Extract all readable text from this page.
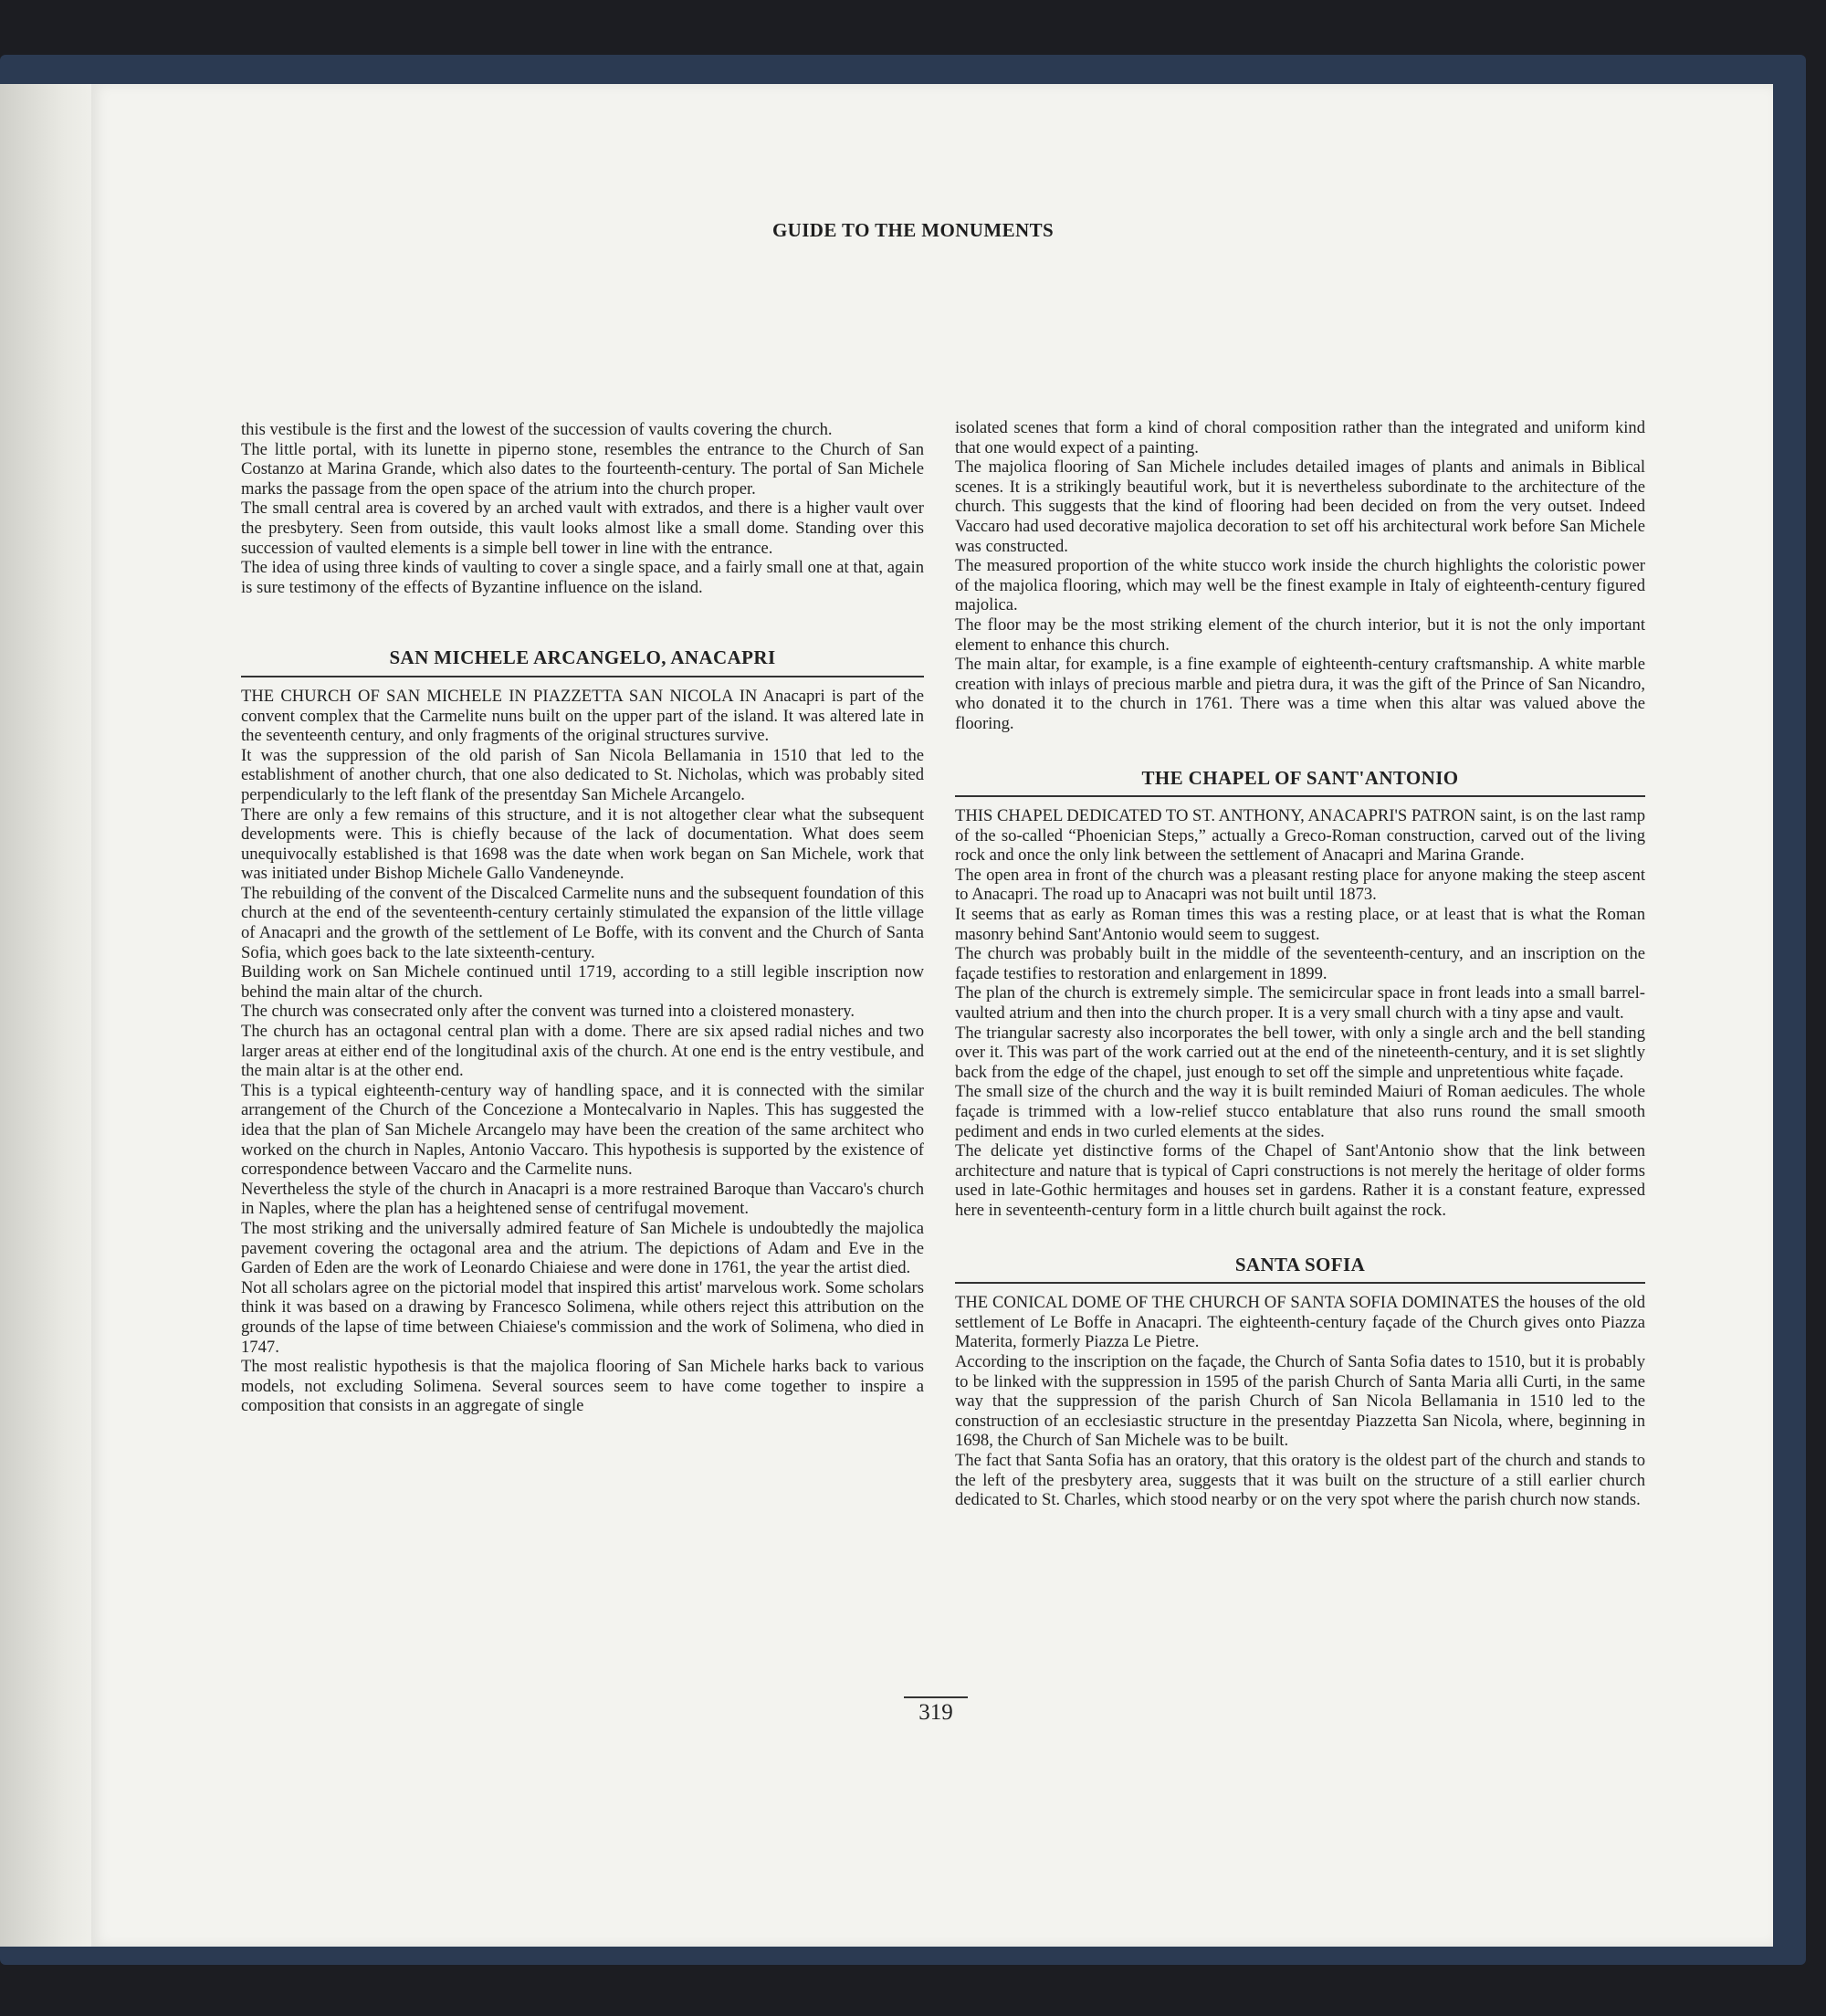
GUIDE TO THE MONUMENTS

this vestibule is the first and the lowest of the succession of vaults covering the church.

The little portal, with its lunette in piperno stone, resembles the entrance to the Church of San Costanzo at Marina Grande, which also dates to the fourteenth-century. The portal of San Michele marks the passage from the open space of the atrium into the church proper.

The small central area is covered by an arched vault with extrados, and there is a higher vault over the presbytery. Seen from outside, this vault looks almost like a small dome. Standing over this succession of vaulted elements is a simple bell tower in line with the entrance.

The idea of using three kinds of vaulting to cover a single space, and a fairly small one at that, again is sure testimony of the effects of Byzantine influence on the island.

SAN MICHELE ARCANGELO, ANACAPRI

THE CHURCH OF SAN MICHELE IN PIAZZETTA SAN NICOLA IN Anacapri is part of the convent complex that the Carmelite nuns built on the upper part of the island. It was altered late in the seventeenth century, and only fragments of the original structures survive.

It was the suppression of the old parish of San Nicola Bellamania in 1510 that led to the establishment of another church, that one also dedicated to St. Nicholas, which was probably sited perpendicularly to the left flank of the presentday San Michele Arcangelo.

There are only a few remains of this structure, and it is not altogether clear what the subsequent developments were. This is chiefly because of the lack of documentation. What does seem unequivocally established is that 1698 was the date when work began on San Michele, work that was initiated under Bishop Michele Gallo Vandeneynde.

The rebuilding of the convent of the Discalced Carmelite nuns and the subsequent foundation of this church at the end of the seventeenth-century certainly stimulated the expansion of the little village of Anacapri and the growth of the settlement of Le Boffe, with its convent and the Church of Santa Sofia, which goes back to the late sixteenth-century.

Building work on San Michele continued until 1719, according to a still legible inscription now behind the main altar of the church.

The church was consecrated only after the convent was turned into a cloistered monastery.

The church has an octagonal central plan with a dome. There are six apsed radial niches and two larger areas at either end of the longitudinal axis of the church. At one end is the entry vestibule, and the main altar is at the other end.

This is a typical eighteenth-century way of handling space, and it is connected with the similar arrangement of the Church of the Concezione a Montecalvario in Naples. This has suggested the idea that the plan of San Michele Arcangelo may have been the creation of the same architect who worked on the church in Naples, Antonio Vaccaro. This hypothesis is supported by the existence of correspondence between Vaccaro and the Carmelite nuns.

Nevertheless the style of the church in Anacapri is a more restrained Baroque than Vaccaro's church in Naples, where the plan has a heightened sense of centrifugal movement.

The most striking and the universally admired feature of San Michele is undoubtedly the majolica pavement covering the octagonal area and the atrium. The depictions of Adam and Eve in the Garden of Eden are the work of Leonardo Chiaiese and were done in 1761, the year the artist died.

Not all scholars agree on the pictorial model that inspired this artist' marvelous work. Some scholars think it was based on a drawing by Francesco Solimena, while others reject this attribution on the grounds of the lapse of time between Chiaiese's commission and the work of Solimena, who died in 1747.

The most realistic hypothesis is that the majolica flooring of San Michele harks back to various models, not excluding Solimena. Several sources seem to have come together to inspire a composition that consists in an aggregate of single

isolated scenes that form a kind of choral composition rather than the integrated and uniform kind that one would expect of a painting.

The majolica flooring of San Michele includes detailed images of plants and animals in Biblical scenes. It is a strikingly beautiful work, but it is nevertheless subordinate to the architecture of the church. This suggests that the kind of flooring had been decided on from the very outset. Indeed Vaccaro had used decorative majolica decoration to set off his architectural work before San Michele was constructed.

The measured proportion of the white stucco work inside the church highlights the coloristic power of the majolica flooring, which may well be the finest example in Italy of eighteenth-century figured majolica.

The floor may be the most striking element of the church interior, but it is not the only important element to enhance this church.

The main altar, for example, is a fine example of eighteenth-century craftsmanship. A white marble creation with inlays of precious marble and pietra dura, it was the gift of the Prince of San Nicandro, who donated it to the church in 1761. There was a time when this altar was valued above the flooring.

THE CHAPEL OF SANT'ANTONIO

THIS CHAPEL DEDICATED TO ST. ANTHONY, ANACAPRI'S PATRON saint, is on the last ramp of the so-called “Phoenician Steps,” actually a Greco-Roman construction, carved out of the living rock and once the only link between the settlement of Anacapri and Marina Grande.

The open area in front of the church was a pleasant resting place for anyone making the steep ascent to Anacapri. The road up to Anacapri was not built until 1873.

It seems that as early as Roman times this was a resting place, or at least that is what the Roman masonry behind Sant'Antonio would seem to suggest.

The church was probably built in the middle of the seventeenth-century, and an inscription on the façade testifies to restoration and enlargement in 1899.

The plan of the church is extremely simple. The semicircular space in front leads into a small barrel-vaulted atrium and then into the church proper. It is a very small church with a tiny apse and vault.

The triangular sacresty also incorporates the bell tower, with only a single arch and the bell standing over it. This was part of the work carried out at the end of the nineteenth-century, and it is set slightly back from the edge of the chapel, just enough to set off the simple and unpretentious white façade.

The small size of the church and the way it is built reminded Maiuri of Roman aedicules. The whole façade is trimmed with a low-relief stucco entablature that also runs round the small smooth pediment and ends in two curled elements at the sides.

The delicate yet distinctive forms of the Chapel of Sant'Antonio show that the link between architecture and nature that is typical of Capri constructions is not merely the heritage of older forms used in late-Gothic hermitages and houses set in gardens. Rather it is a constant feature, expressed here in seventeenth-century form in a little church built against the rock.

SANTA SOFIA

THE CONICAL DOME OF THE CHURCH OF SANTA SOFIA DOMINATES the houses of the old settlement of Le Boffe in Anacapri. The eighteenth-century façade of the Church gives onto Piazza Materita, formerly Piazza Le Pietre.

According to the inscription on the façade, the Church of Santa Sofia dates to 1510, but it is probably to be linked with the suppression in 1595 of the parish Church of Santa Maria alli Curti, in the same way that the suppression of the parish Church of San Nicola Bellamania in 1510 led to the construction of an ecclesiastic structure in the presentday Piazzetta San Nicola, where, beginning in 1698, the Church of San Michele was to be built.

The fact that Santa Sofia has an oratory, that this oratory is the oldest part of the church and stands to the left of the presbytery area, suggests that it was built on the structure of a still earlier church dedicated to St. Charles, which stood nearby or on the very spot where the parish church now stands.

319
